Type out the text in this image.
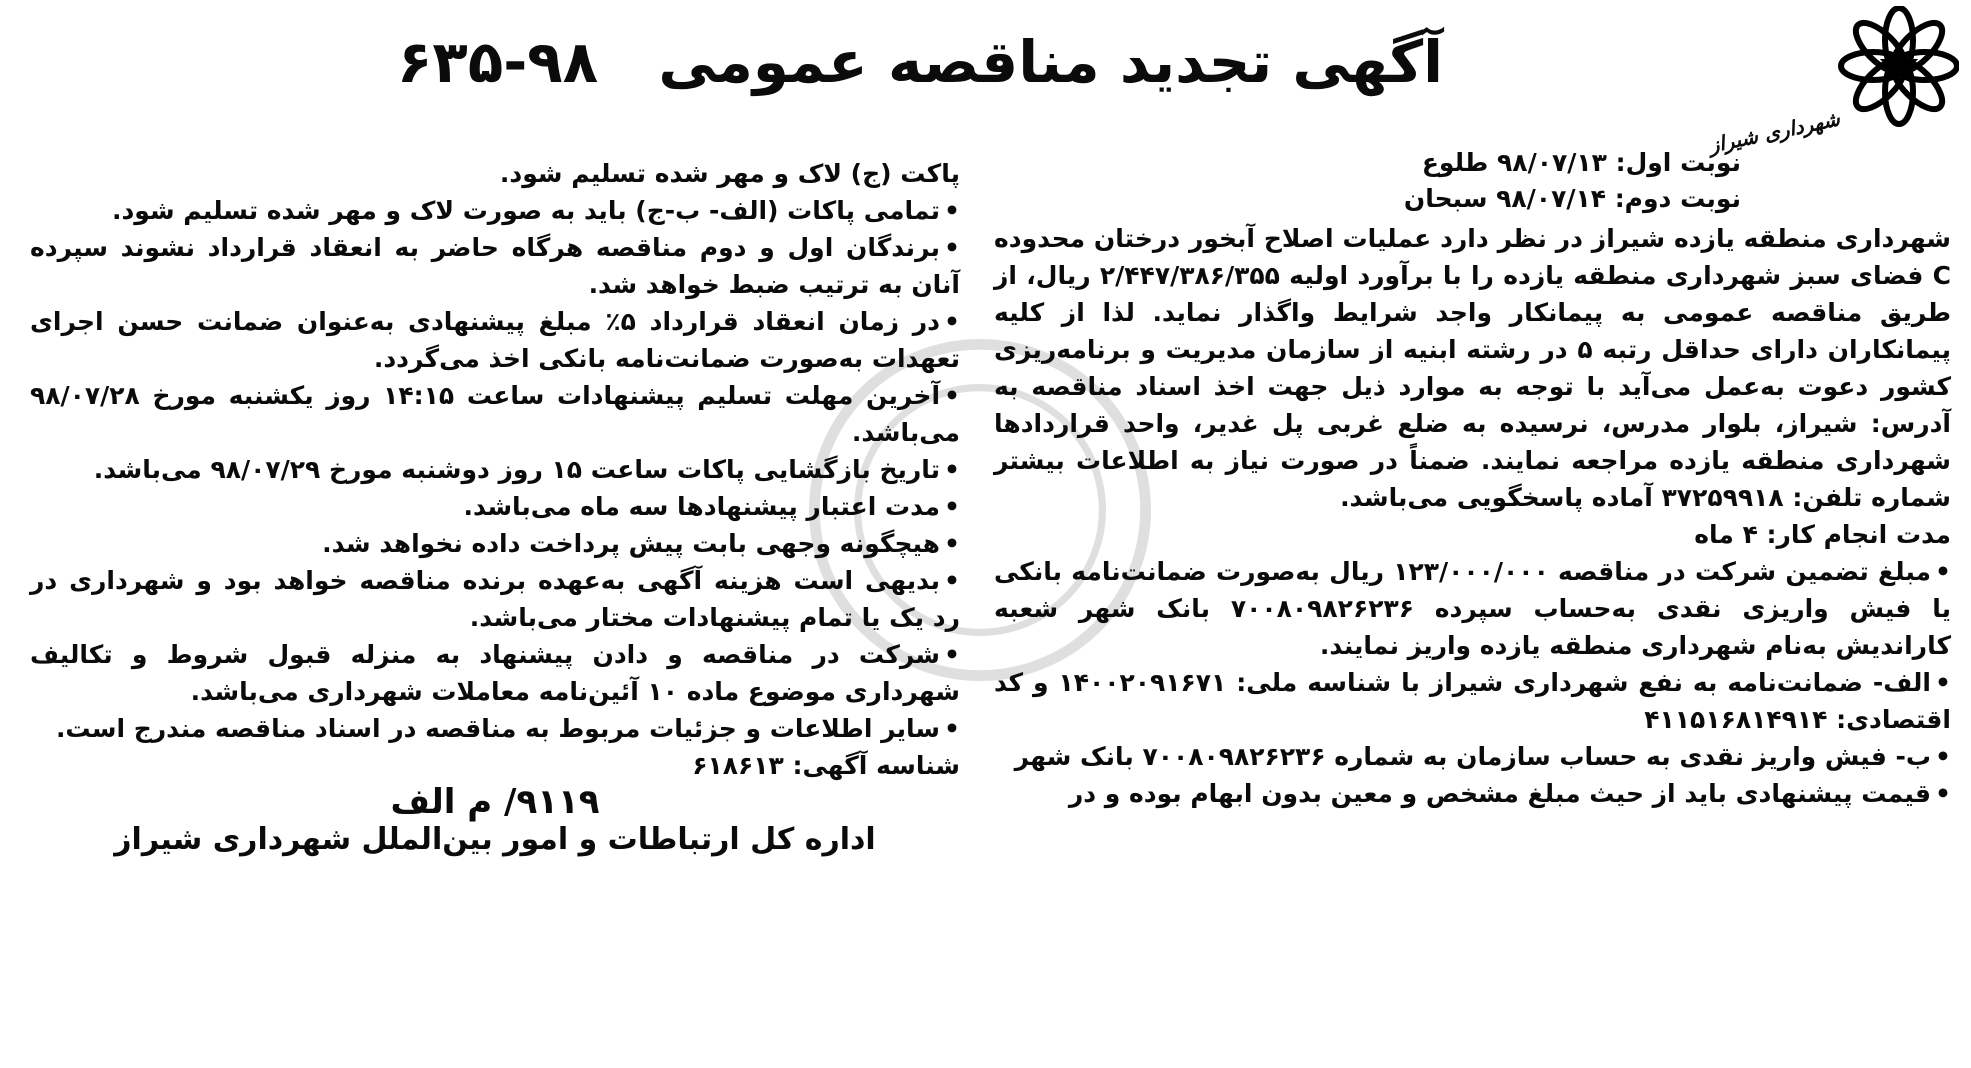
شهرداری شیراز
آگهی تجدید مناقصه عمومی ۶۳۵-۹۸
نوبت اول: ۹۸/۰۷/۱۳ طلوع
نوبت دوم: ۹۸/۰۷/۱۴ سبحان

شهرداری منطقه یازده شیراز در نظر دارد عملیات اصلاح آبخور درختان محدوده C فضای سبز شهرداری منطقه یازده را با برآورد اولیه ۲/۴۴۷/۳۸۶/۳۵۵ ریال، از طریق مناقصه عمومی به پیمانکار واجد شرایط واگذار نماید. لذا از کلیه پیمانکاران دارای حداقل رتبه ۵ در رشته ابنیه از سازمان مدیریت و برنامه‌ریزی کشور دعوت به‌عمل می‌آید با توجه به موارد ذیل جهت اخذ اسناد مناقصه به آدرس: شیراز، بلوار مدرس، نرسیده به ضلع غربی پل غدیر، واحد قراردادها شهرداری منطقه یازده مراجعه نمایند. ضمناً در صورت نیاز به اطلاعات بیشتر شماره تلفن: ۳۷۲۵۹۹۱۸ آماده پاسخگویی می‌باشد.

مدت انجام کار: ۴ ماه

• مبلغ تضمین شرکت در مناقصه ۱۲۳/۰۰۰/۰۰۰ ریال به‌صورت ضمانت‌نامه بانکی یا فیش واریزی نقدی به‌حساب سپرده ۷۰۰۸۰۹۸۲۶۲۳۶ بانک شهر شعبه کارانديش به‌نام شهرداری منطقه یازده واریز نمایند.

• الف- ضمانت‌نامه به نفع شهرداری شیراز با شناسه ملی: ۱۴۰۰۲۰۹۱۶۷۱ و کد اقتصادی: ۴۱۱۵۱۶۸۱۴۹۱۴

• ب- فیش واریز نقدی به حساب سازمان به شماره ۷۰۰۸۰۹۸۲۶۲۳۶ بانک شهر

• قیمت پیشنهادی باید از حیث مبلغ مشخص و معین بدون ابهام بوده و در

پاکت (ج) لاک و مهر شده تسلیم شود.

• تمامی پاکات (الف- ب-ج) باید به صورت لاک و مهر شده تسلیم شود.

• برندگان اول و دوم مناقصه هرگاه حاضر به انعقاد قرارداد نشوند سپرده آنان به ترتیب ضبط خواهد شد.

• در زمان انعقاد قرارداد ۵٪ مبلغ پیشنهادی به‌عنوان ضمانت حسن اجرای تعهدات به‌صورت ضمانت‌نامه بانکی اخذ می‌گردد.

• آخرین مهلت تسلیم پیشنهادات ساعت ۱۴:۱۵ روز یکشنبه مورخ ۹۸/۰۷/۲۸ می‌باشد.

• تاریخ بازگشایی پاکات ساعت ۱۵ روز دوشنبه مورخ ۹۸/۰۷/۲۹ می‌باشد.

• مدت اعتبار پیشنهادها سه ماه می‌باشد.

• هیچگونه وجهی بابت پیش پرداخت داده نخواهد شد.

• بدیهی است هزینه آگهی به‌عهده برنده مناقصه خواهد بود و شهرداری در رد یک یا تمام پیشنهادات مختار می‌باشد.

• شرکت در مناقصه و دادن پیشنهاد به منزله قبول شروط و تکالیف شهرداری موضوع ماده ۱۰ آئین‌نامه معاملات شهرداری می‌باشد.

• سایر اطلاعات و جزئیات مربوط به مناقصه در اسناد مناقصه مندرج است.

شناسه آگهی: ۶۱۸۶۱۳

۹۱۱۹/ م الف

اداره کل ارتباطات و امور بین‌الملل شهرداری شیراز
